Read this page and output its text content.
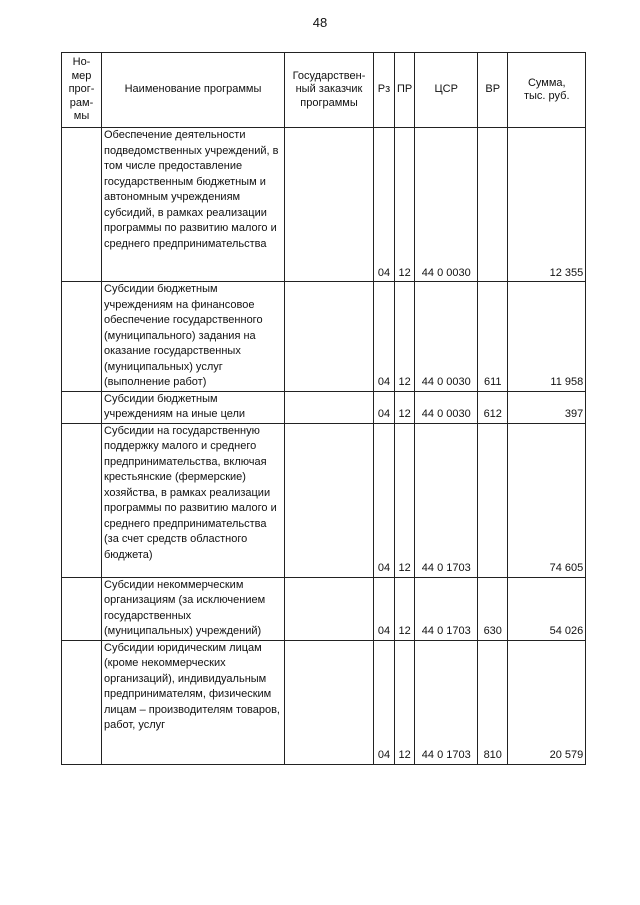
48
Но-
мер
прог-
рам-
мы	Наименование программы	Государствен-
ный заказчик
программы	Рз	ПР	ЦСР	ВР	Сумма,
тыс. руб.
	Обеспечение деятельности подведомственных учреждений, в том числе предоставление государственным бюджетным и автономным учреждениям субсидий, в рамках реализации программы по развитию малого и среднего предпринимательства		04	12	44 0 0030		12 355
	Субсидии бюджетным учреждениям на финансовое обеспечение государственного (муниципального) задания на оказание государственных (муниципальных) услуг (выполнение работ)		04	12	44 0 0030	611	11 958
	Субсидии бюджетным учреждениям на иные цели		04	12	44 0 0030	612	397
	Субсидии на государственную поддержку малого и среднего предпринимательства, включая крестьянские (фермерские) хозяйства, в рамках реализации программы по развитию малого и среднего предпринимательства (за счет средств областного бюджета)		04	12	44 0 1703		74 605
	Субсидии некоммерческим организациям (за исключением государственных (муниципальных) учреждений)		04	12	44 0 1703	630	54 026
	Субсидии юридическим лицам (кроме некоммерческих организаций), индивидуальным предпринимателям, физическим лицам – производителям товаров, работ, услуг		04	12	44 0 1703	810	20 579
